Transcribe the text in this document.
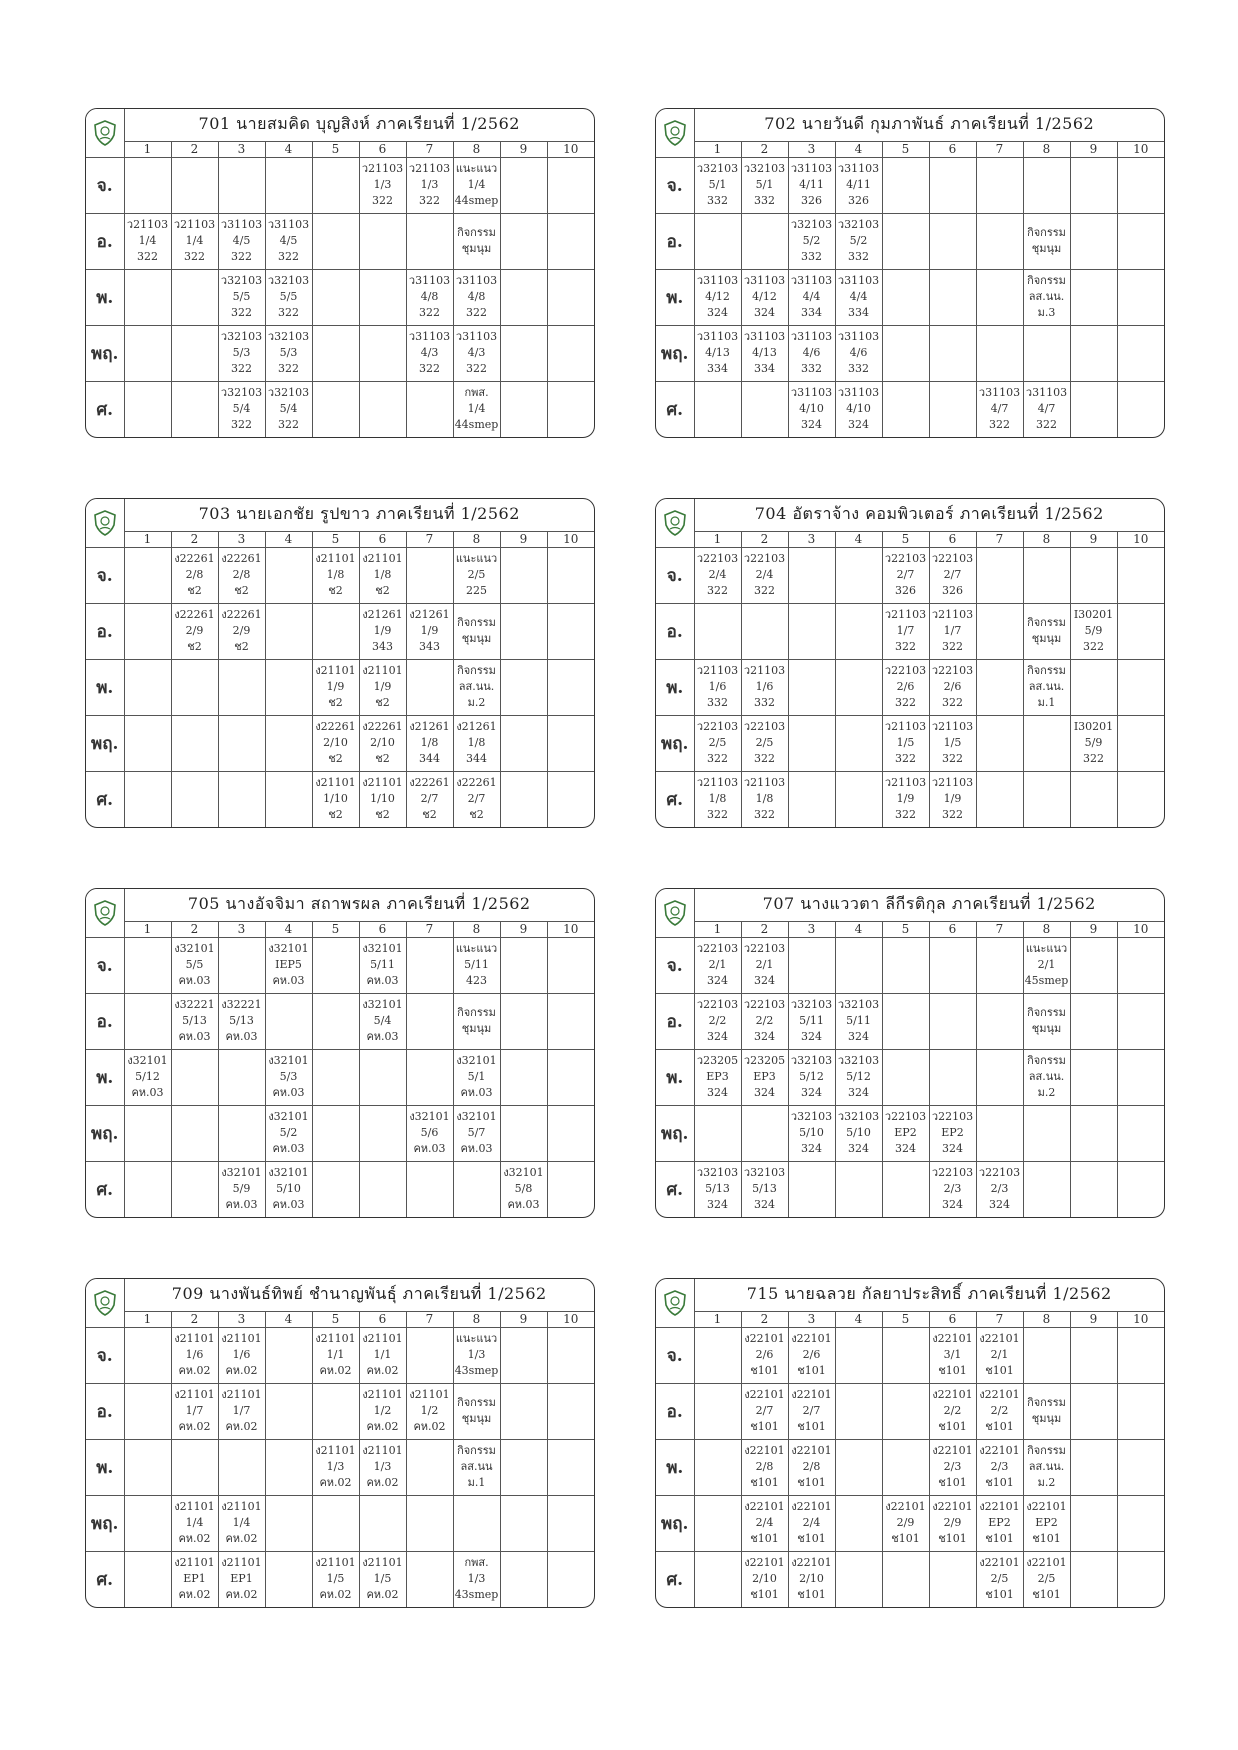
	701 นายสมคิด บุญสิงห์ ภาคเรียนที่ 1/2562									
	1	2	3	4	5	6	7	8	9	10
จ.						ว21103
1/3
322	ว21103
1/3
322	แนะแนว
1/4
44smep		

อ.	ว21103
1/4
322	ว21103
1/4
322	ว31103
4/5
322	ว31103
4/5
322				กิจกรรม
ชุมนุม		

พ.			ว32103
5/5
322	ว32103
5/5
322			ว31103
4/8
322	ว31103
4/8
322		

พฤ.			ว32103
5/3
322	ว32103
5/3
322			ว31103
4/3
322	ว31103
4/3
322		

ศ.			ว32103
5/4
322	ว32103
5/4
322				กพส.
1/4
44smep		

	702 นายวันดี กุมภาพันธ์ ภาคเรียนที่ 1/2562									
	1	2	3	4	5	6	7	8	9	10
จ.	ว32103
5/1
332	ว32103
5/1
332	ว31103
4/11
326	ว31103
4/11
326						

อ.			ว32103
5/2
332	ว32103
5/2
332				กิจกรรม
ชุมนุม		

พ.	ว31103
4/12
324	ว31103
4/12
324	ว31103
4/4
334	ว31103
4/4
334				กิจกรรม
ลส.นน.
ม.3		

พฤ.	ว31103
4/13
334	ว31103
4/13
334	ว31103
4/6
332	ว31103
4/6
332						

ศ.			ว31103
4/10
324	ว31103
4/10
324			ว31103
4/7
322	ว31103
4/7
322		

	703 นายเอกชัย รูปขาว ภาคเรียนที่ 1/2562									
	1	2	3	4	5	6	7	8	9	10
จ.		ง22261
2/8
ช2	ง22261
2/8
ช2		ง21101
1/8
ช2	ง21101
1/8
ช2		แนะแนว
2/5
225		

อ.		ง22261
2/9
ช2	ง22261
2/9
ช2			ง21261
1/9
343	ง21261
1/9
343	กิจกรรม
ชุมนุม		

พ.					ง21101
1/9
ช2	ง21101
1/9
ช2		กิจกรรม
ลส.นน.
ม.2		

พฤ.					ง22261
2/10
ช2	ง22261
2/10
ช2	ง21261
1/8
344	ง21261
1/8
344		

ศ.					ง21101
1/10
ช2	ง21101
1/10
ช2	ง22261
2/7
ช2	ง22261
2/7
ช2		

	704 อัตราจ้าง คอมพิวเตอร์ ภาคเรียนที่ 1/2562									
	1	2	3	4	5	6	7	8	9	10
จ.	ว22103
2/4
322	ว22103
2/4
322			ว22103
2/7
326	ว22103
2/7
326				

อ.					ว21103
1/7
322	ว21103
1/7
322		กิจกรรม
ชุมนุม	I30201
5/9
322	

พ.	ว21103
1/6
332	ว21103
1/6
332			ว22103
2/6
322	ว22103
2/6
322		กิจกรรม
ลส.นน.
ม.1		

พฤ.	ว22103
2/5
322	ว22103
2/5
322			ว21103
1/5
322	ว21103
1/5
322			I30201
5/9
322	

ศ.	ว21103
1/8
322	ว21103
1/8
322			ว21103
1/9
322	ว21103
1/9
322				

	705 นางอัจจิมา สถาพรผล ภาคเรียนที่ 1/2562									
	1	2	3	4	5	6	7	8	9	10
จ.		ง32101
5/5
คห.03		ง32101
IEP5
คห.03		ง32101
5/11
คห.03		แนะแนว
5/11
423		

อ.		ง32221
5/13
คห.03	ง32221
5/13
คห.03			ง32101
5/4
คห.03		กิจกรรม
ชุมนุม		

พ.	ง32101
5/12
คห.03			ง32101
5/3
คห.03				ง32101
5/1
คห.03		

พฤ.				ง32101
5/2
คห.03			ง32101
5/6
คห.03	ง32101
5/7
คห.03		

ศ.			ง32101
5/9
คห.03	ง32101
5/10
คห.03					ง32101
5/8
คห.03	

	707 นางแววตา ลีกีรติกุล ภาคเรียนที่ 1/2562									
	1	2	3	4	5	6	7	8	9	10
จ.	ว22103
2/1
324	ว22103
2/1
324						แนะแนว
2/1
45smep		

อ.	ว22103
2/2
324	ว22103
2/2
324	ว32103
5/11
324	ว32103
5/11
324				กิจกรรม
ชุมนุม		

พ.	ว23205
EP3
324	ว23205
EP3
324	ว32103
5/12
324	ว32103
5/12
324				กิจกรรม
ลส.นน.
ม.2		

พฤ.			ว32103
5/10
324	ว32103
5/10
324	ว22103
EP2
324	ว22103
EP2
324				

ศ.	ว32103
5/13
324	ว32103
5/13
324				ว22103
2/3
324	ว22103
2/3
324			

	709 นางพันธ์ทิพย์ ชำนาญพันธุ์ ภาคเรียนที่ 1/2562									
	1	2	3	4	5	6	7	8	9	10
จ.		ง21101
1/6
คห.02	ง21101
1/6
คห.02		ง21101
1/1
คห.02	ง21101
1/1
คห.02		แนะแนว
1/3
43smep		

อ.		ง21101
1/7
คห.02	ง21101
1/7
คห.02			ง21101
1/2
คห.02	ง21101
1/2
คห.02	กิจกรรม
ชุมนุม		

พ.					ง21101
1/3
คห.02	ง21101
1/3
คห.02		กิจกรรม
ลส.นน
ม.1		

พฤ.		ง21101
1/4
คห.02	ง21101
1/4
คห.02							

ศ.		ง21101
EP1
คห.02	ง21101
EP1
คห.02		ง21101
1/5
คห.02	ง21101
1/5
คห.02		กพส.
1/3
43smep		

	715 นายฉลวย กัลยาประสิทธิ์ ภาคเรียนที่ 1/2562									
	1	2	3	4	5	6	7	8	9	10
จ.		ง22101
2/6
ช101	ง22101
2/6
ช101			ง22101
3/1
ช101	ง22101
2/1
ช101			

อ.		ง22101
2/7
ช101	ง22101
2/7
ช101			ง22101
2/2
ช101	ง22101
2/2
ช101	กิจกรรม
ชุมนุม		

พ.		ง22101
2/8
ช101	ง22101
2/8
ช101			ง22101
2/3
ช101	ง22101
2/3
ช101	กิจกรรม
ลส.นน.
ม.2		

พฤ.		ง22101
2/4
ช101	ง22101
2/4
ช101		ง22101
2/9
ช101	ง22101
2/9
ช101	ง22101
EP2
ช101	ง22101
EP2
ช101		

ศ.		ง22101
2/10
ช101	ง22101
2/10
ช101				ง22101
2/5
ช101	ง22101
2/5
ช101		
